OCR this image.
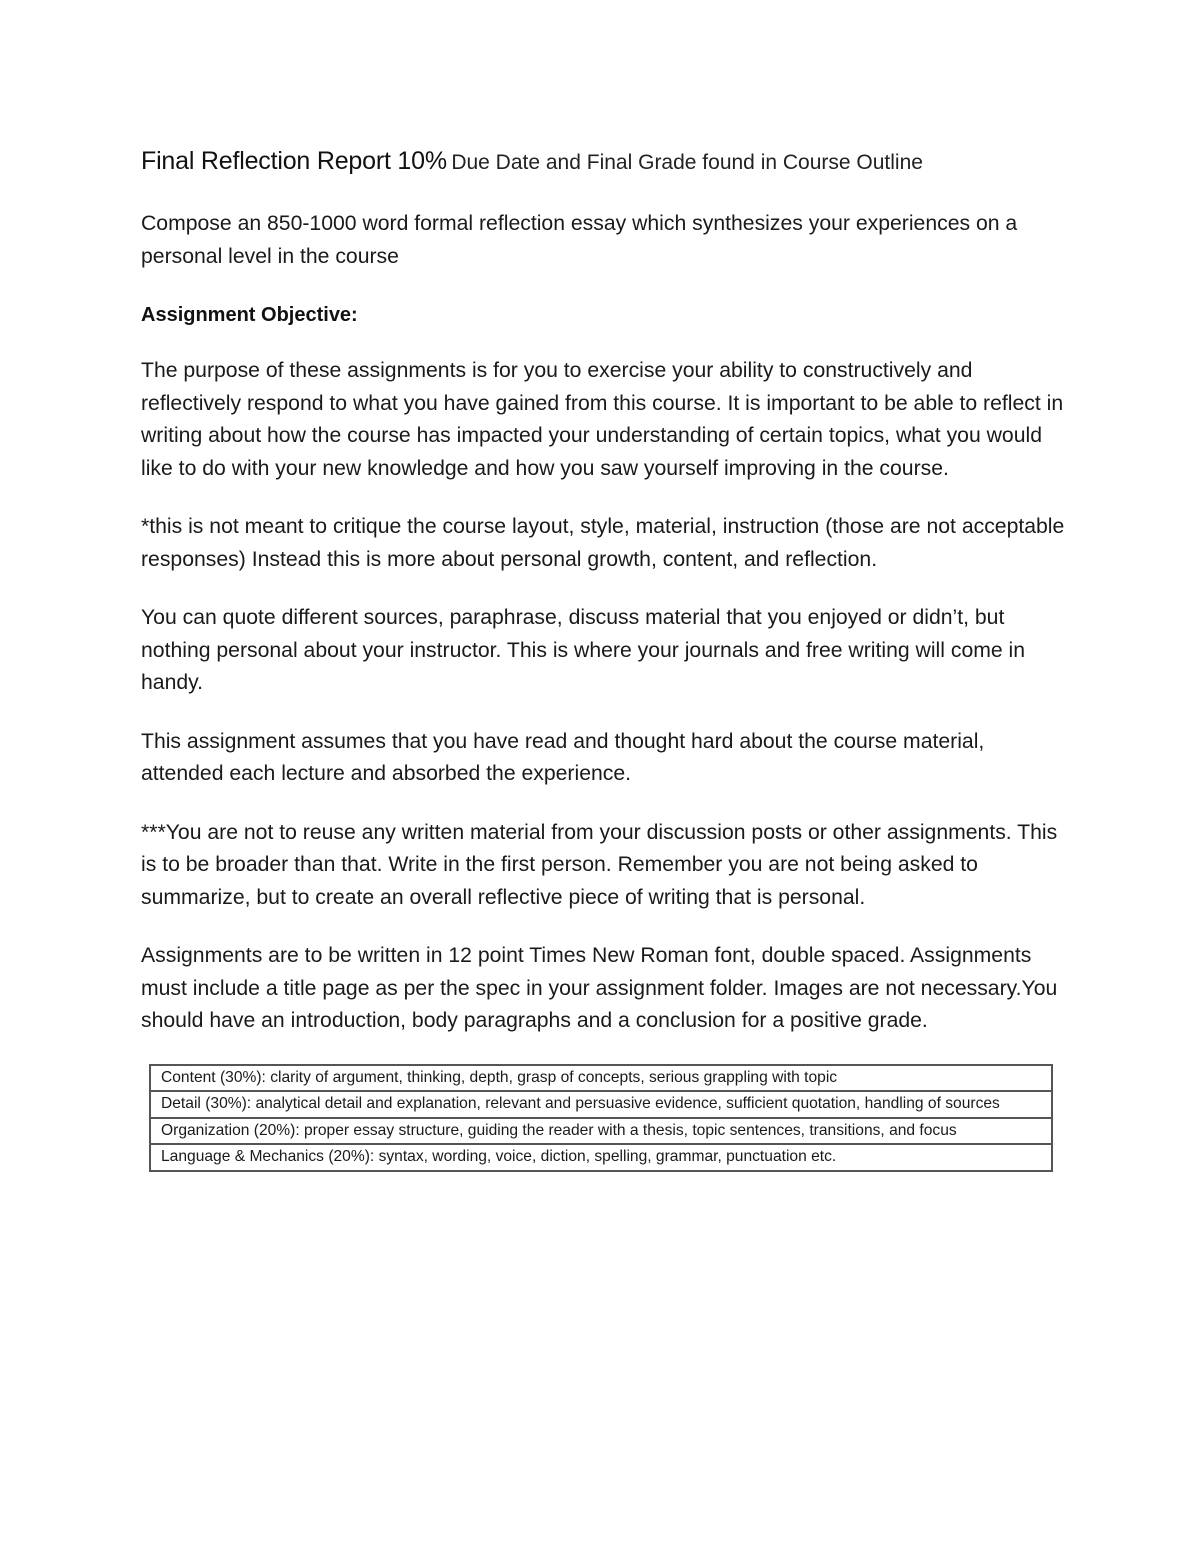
Final Reflection Report 10% Due Date and Final Grade found in Course Outline

Compose an 850-1000 word formal reflection essay which synthesizes your experiences on a personal level in the course

Assignment Objective:

The purpose of these assignments is for you to exercise your ability to constructively and reflectively respond to what you have gained from this course. It is important to be able to reflect in writing about how the course has impacted your understanding of certain topics, what you would like to do with your new knowledge and how you saw yourself improving in the course.

*this is not meant to critique the course layout, style, material, instruction (those are not acceptable responses) Instead this is more about personal growth, content, and reflection.

You can quote different sources, paraphrase, discuss material that you enjoyed or didn’t, but nothing personal about your instructor. This is where your journals and free writing will come in handy.

This assignment assumes that you have read and thought hard about the course material, attended each lecture and absorbed the experience.

***You are not to reuse any written material from your discussion posts or other assignments. This is to be broader than that. Write in the first person. Remember you are not being asked to summarize, but to create an overall reflective piece of writing that is personal.

Assignments are to be written in 12 point Times New Roman font, double spaced. Assignments must include a title page as per the spec in your assignment folder. Images are not necessary.You should have an introduction, body paragraphs and a conclusion for a positive grade.

Content (30%): clarity of argument, thinking, depth, grasp of concepts, serious grappling with topic
Detail (30%): analytical detail and explanation, relevant and persuasive evidence, sufficient quotation, handling of sources
Organization (20%): proper essay structure, guiding the reader with a thesis, topic sentences, transitions, and focus
Language & Mechanics (20%): syntax, wording, voice, diction, spelling, grammar, punctuation etc.
